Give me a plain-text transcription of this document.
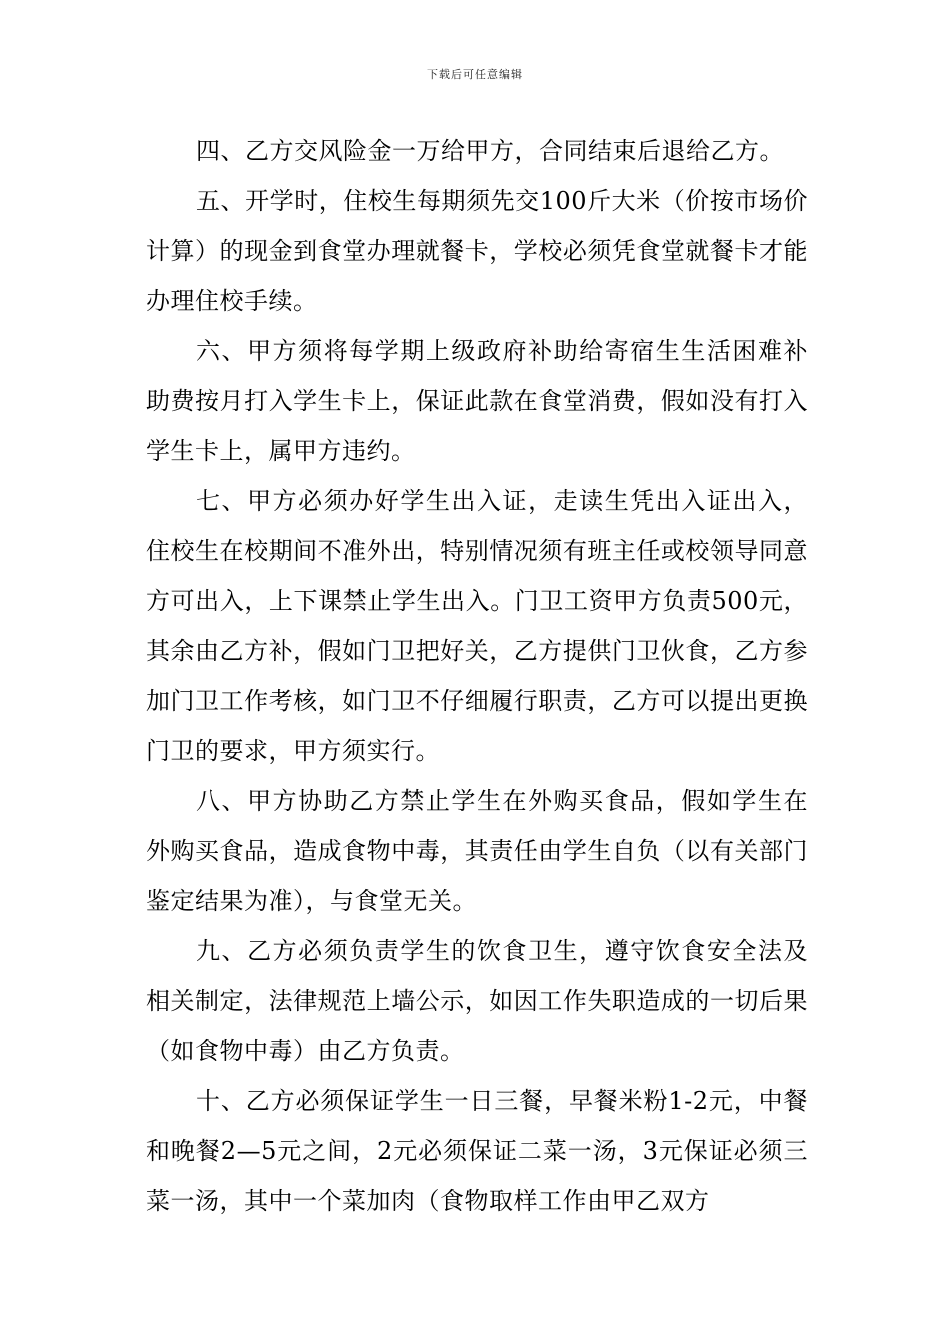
下载后可任意编辑

四、乙方交风险金一万给甲方，合同结束后退给乙方。

五、开学时，住校生每期须先交100斤大米（价按市场价计算）的现金到食堂办理就餐卡，学校必须凭食堂就餐卡才能办理住校手续。

六、甲方须将每学期上级政府补助给寄宿生生活困难补助费按月打入学生卡上，保证此款在食堂消费，假如没有打入学生卡上，属甲方违约。

七、甲方必须办好学生出入证，走读生凭出入证出入，住校生在校期间不准外出，特别情况须有班主任或校领导同意方可出入，上下课禁止学生出入。门卫工资甲方负责500元，其余由乙方补，假如门卫把好关，乙方提供门卫伙食，乙方参加门卫工作考核，如门卫不仔细履行职责，乙方可以提出更换门卫的要求，甲方须实行。

八、甲方协助乙方禁止学生在外购买食品，假如学生在外购买食品，造成食物中毒，其责任由学生自负（以有关部门鉴定结果为准），与食堂无关。

九、乙方必须负责学生的饮食卫生，遵守饮食安全法及相关制定，法律规范上墙公示，如因工作失职造成的一切后果（如食物中毒）由乙方负责。

十、乙方必须保证学生一日三餐，早餐米粉1-2元，中餐和晚餐2—5元之间，2元必须保证二菜一汤，3元保证必须三菜一汤，其中一个菜加肉（食物取样工作由甲乙双方
